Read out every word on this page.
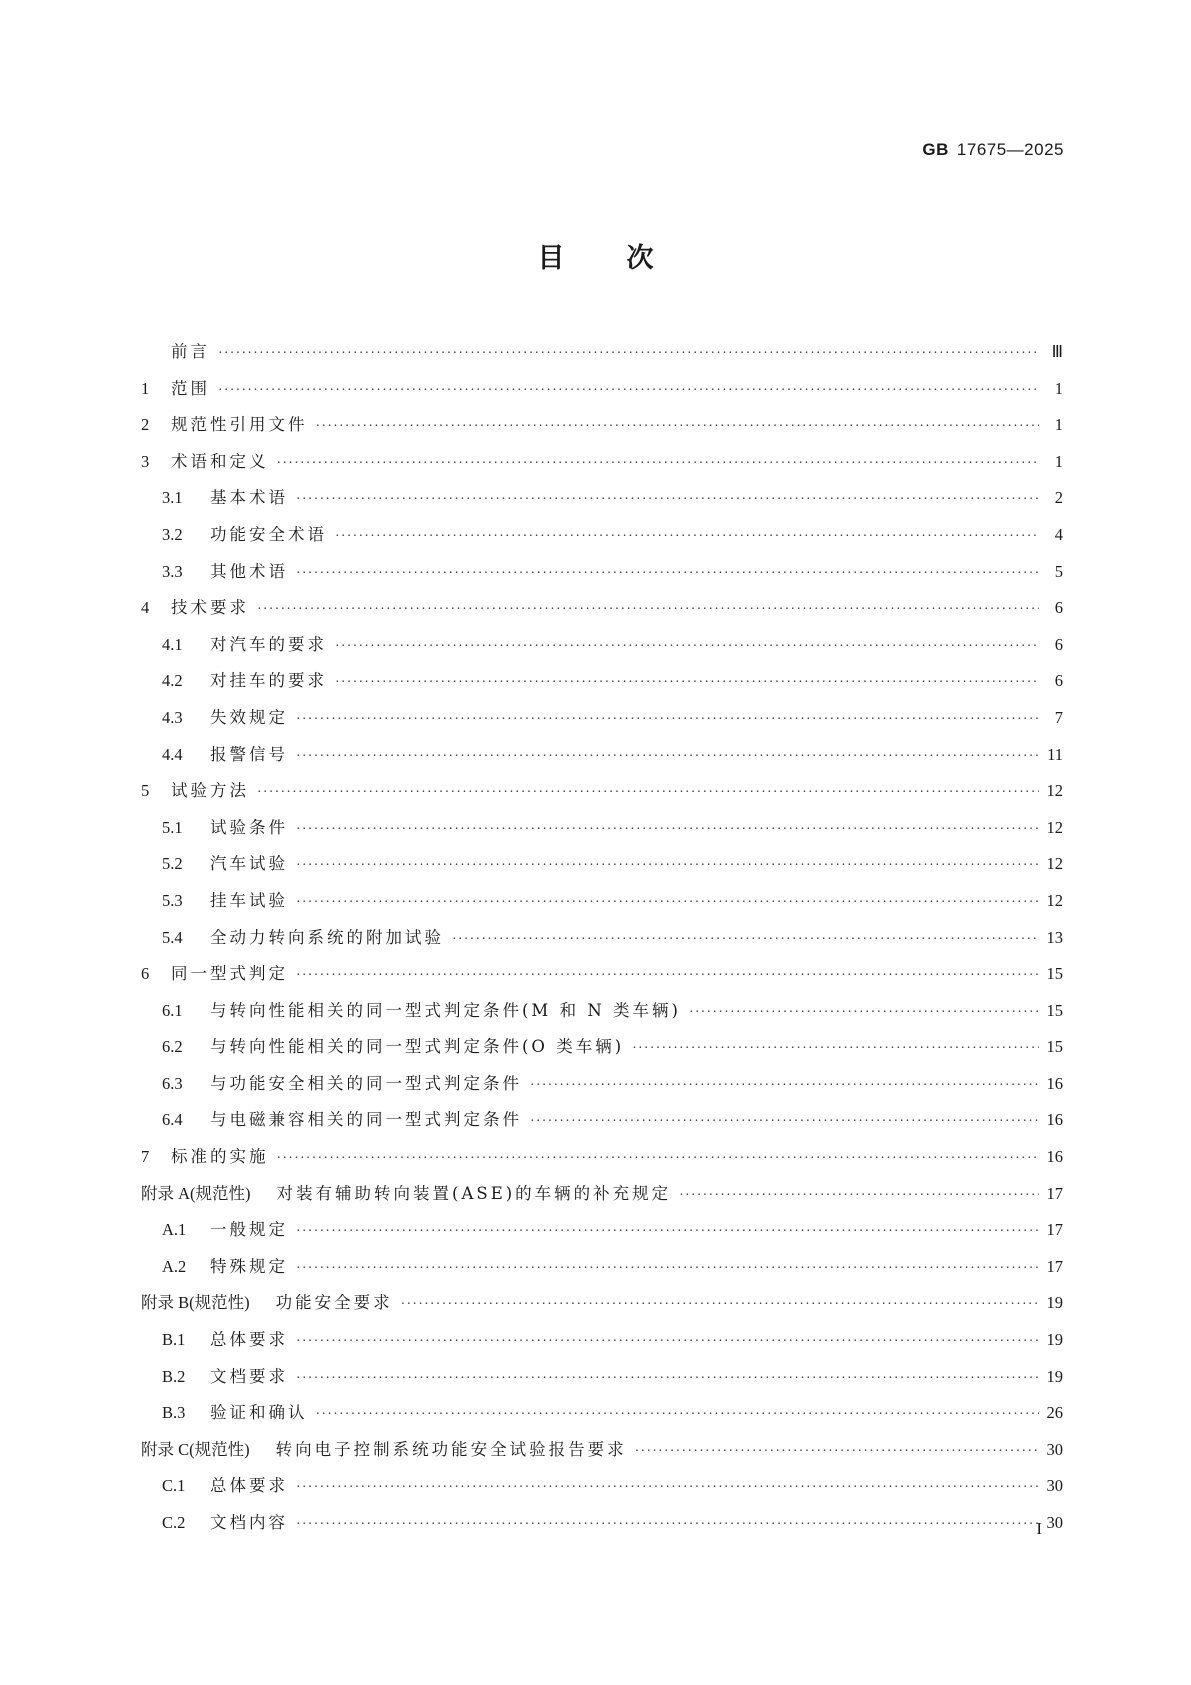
GB 17675—2025
目 次
前言 ·····	Ⅲ
1	范围 ·····	1
2	规范性引用文件 ·····	1
3	术语和定义 ·····	1
3.1	基本术语 ·····	2
3.2	功能安全术语 ·····	4
3.3	其他术语 ·····	5
4	技术要求 ·····	6
4.1	对汽车的要求 ·····	6
4.2	对挂车的要求 ·····	6
4.3	失效规定 ·····	7
4.4	报警信号 ·····	11
5	试验方法 ·····	12
5.1	试验条件 ·····	12
5.2	汽车试验 ·····	12
5.3	挂车试验 ·····	12
5.4	全动力转向系统的附加试验 ·····	13
6	同一型式判定 ·····	15
6.1	与转向性能相关的同一型式判定条件(M 和 N 类车辆) ·····	15
6.2	与转向性能相关的同一型式判定条件(O 类车辆) ·····	15
6.3	与功能安全相关的同一型式判定条件 ·····	16
6.4	与电磁兼容相关的同一型式判定条件 ·····	16
7	标准的实施 ·····	16
附录 A(规范性) 对装有辅助转向装置(ASE)的车辆的补充规定 ·····	17
A.1	一般规定 ·····	17
A.2	特殊规定 ·····	17
附录 B(规范性) 功能安全要求 ·····	19
B.1	总体要求 ·····	19
B.2	文档要求 ·····	19
B.3	验证和确认 ·····	26
附录 C(规范性) 转向电子控制系统功能安全试验报告要求 ·····	30
C.1	总体要求 ·····	30
C.2	文档内容 ·····	30
I
